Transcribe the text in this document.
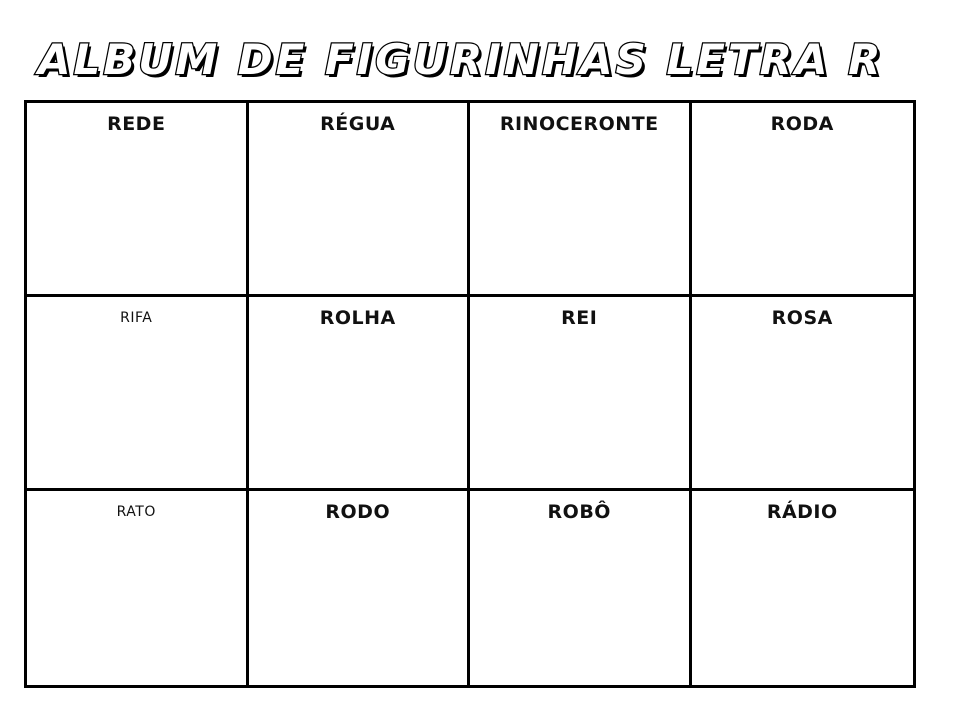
ALBUM DE FIGURINHAS LETRA R
REDE	RÉGUA	RINOCERONTE	RODA
RIFA	ROLHA	REI	ROSA
RATO	RODO	ROBÔ	RÁDIO
